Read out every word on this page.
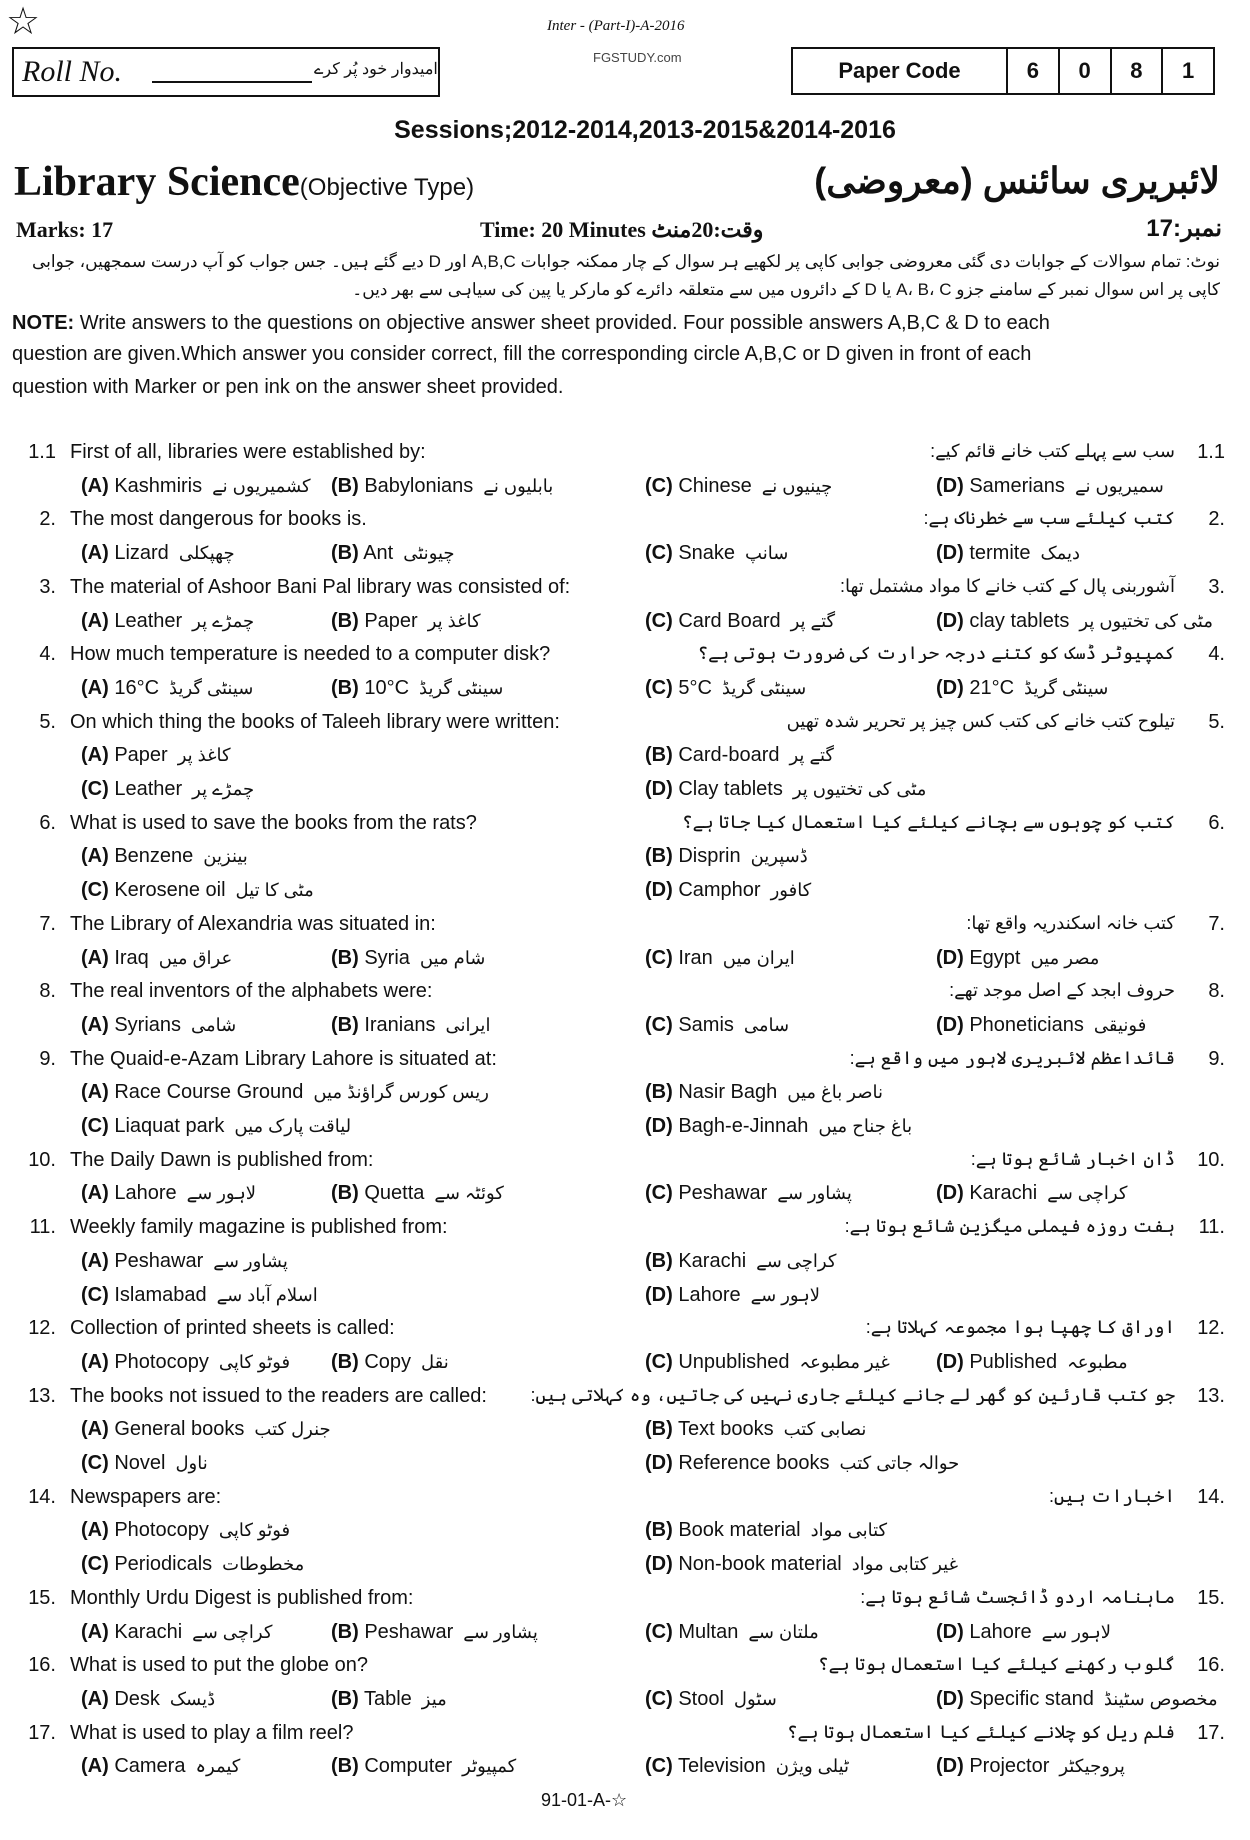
☆	Inter - (Part-I)-A-2016
FGSTUDY.com
Roll No.	امیدوار خود پُر کرے	Paper Code	6	0	8	1
Sessions;2012-2014,2013-2015&2014-2016
Library Science(Objective Type)	لائبریری سائنس (معروضی)
Marks: 17	Time: 20 Minutes وقت:20منٹ	نمبر:17
نوٹ: تمام سوالات کے جوابات دی گئی معروضی جوابی کاپی پر لکھیے ہر سوال کے چار ممکنہ جوابات A,B,C اور D دیے گئے ہیں۔ جس جواب کو آپ درست سمجھیں، جوابی کاپی پر اس سوال نمبر کے سامنے جزو A، B، C یا D کے دائروں میں سے متعلقہ دائرے کو مارکر یا پین کی سیاہی سے بھر دیں۔
NOTE: Write answers to the questions on objective answer sheet provided. Four possible answers A,B,C & D to each
question are given.Which answer you consider correct, fill the corresponding circle A,B,C or D given in front of each
question with Marker or pen ink on the answer sheet provided.
1.1 First of all, libraries were established by:	سب سے پہلے کتب خانے قائم کیے: 1.1
(A) Kashmiris کشمیریوں نے (B) Babylonians بابلیوں نے	(C) Chinese چینیوں نے	(D) Samerians سمیریوں نے
2. The most dangerous for books is.	کتب کیلئے سب سے خطرناک ہے: 2.
(A) Lizard چھپکلی	(B) Ant چیونٹی	(C) Snake سانپ	(D) termite دیمک
3. The material of Ashoor Bani Pal library was consisted of:	آشوربنی پال کے کتب خانے کا مواد مشتمل تھا: 3.
(A) Leather چمڑے پر	(B) Paper کاغذ پر	(C) Card Board گتے پر	(D) clay tablets مٹی کی تختیوں پر
4. How much temperature is needed to a computer disk?	کمپیوٹر ڈسک کو کتنے درجہ حرارت کی ضرورت ہوتی ہے؟ 4.
(A) 16°C سینٹی گریڈ	(B) 10°C سینٹی گریڈ	(C) 5°C سینٹی گریڈ	(D) 21°C سینٹی گریڈ
5. On which thing the books of Taleeh library were written:	تیلوح کتب خانے کی کتب کس چیز پر تحریر شدہ تھیں 5.
(A) Paper کاغذ پر	(B) Card-board گتے پر
(C) Leather چمڑے پر	(D) Clay tablets مٹی کی تختیوں پر
6. What is used to save the books from the rats?	کتب کو چوہوں سے بچانے کیلئے کیا استعمال کیا جاتا ہے؟ 6.
(A) Benzene بینزین	(B) Disprin ڈسپرین
(C) Kerosene oil مٹی کا تیل	(D) Camphor کافور
7. The Library of Alexandria was situated in:	کتب خانہ اسکندریہ واقع تھا: 7.
(A) Iraq عراق میں	(B) Syria شام میں	(C) Iran ایران میں	(D) Egypt مصر میں
8. The real inventors of the alphabets were:	حروف ابجد کے اصل موجد تھے: 8.
(A) Syrians شامی	(B) Iranians ایرانی	(C) Samis سامی	(D) Phoneticians فونیقی
9. The Quaid-e-Azam Library Lahore is situated at:	قائداعظم لائبریری لاہور میں واقع ہے: 9.
(A) Race Course Ground ریس کورس گراؤنڈ میں	(B) Nasir Bagh ناصر باغ میں
(C) Liaquat park لیاقت پارک میں	(D) Bagh-e-Jinnah باغ جناح میں
10. The Daily Dawn is published from:	ڈان اخبار شائع ہوتا ہے: 10.
(A) Lahore لاہور سے	(B) Quetta کوئٹہ سے	(C) Peshawar پشاور سے	(D) Karachi کراچی سے
11. Weekly family magazine is published from:	ہفت روزہ فیملی میگزین شائع ہوتا ہے: 11.
(A) Peshawar پشاور سے	(B) Karachi کراچی سے
(C) Islamabad اسلام آباد سے	(D) Lahore لاہور سے
12. Collection of printed sheets is called:	اوراق کا چھپا ہوا مجموعہ کہلاتا ہے: 12.
(A) Photocopy فوٹو کاپی (B) Copy نقل	(C) Unpublished غیر مطبوعہ (D) Published مطبوعہ
13. The books not issued to the readers are called: جو کتب قارئین کو گھر لے جانے کیلئے جاری نہیں کی جاتیں، وہ کہلاتی ہیں: 13.
(A) General books جنرل کتب	(B) Text books نصابی کتب
(C) Novel ناول	(D) Reference books حوالہ جاتی کتب
14. Newspapers are:	اخبارات ہیں: 14.
(A) Photocopy فوٹو کاپی	(B) Book material کتابی مواد
(C) Periodicals مخطوطات	(D) Non-book material غیر کتابی مواد
15. Monthly Urdu Digest is published from:	ماہنامہ اردو ڈائجسٹ شائع ہوتا ہے: 15.
(A) Karachi کراچی سے	(B) Peshawar پشاور سے	(C) Multan ملتان سے	(D) Lahore لاہور سے
16. What is used to put the globe on?	گلوب رکھنے کیلئے کیا استعمال ہوتا ہے؟ 16.
(A) Desk ڈیسک	(B) Table میز	(C) Stool سٹول	(D) Specific stand مخصوص سٹینڈ
17. What is used to play a film reel?	فلم ریل کو چلانے کیلئے کیا استعمال ہوتا ہے؟ 17.
(A) Camera کیمرہ	(B) Computer کمپیوٹر	(C) Television ٹیلی ویژن	(D) Projector پروجیکٹر
91-01-A-☆
